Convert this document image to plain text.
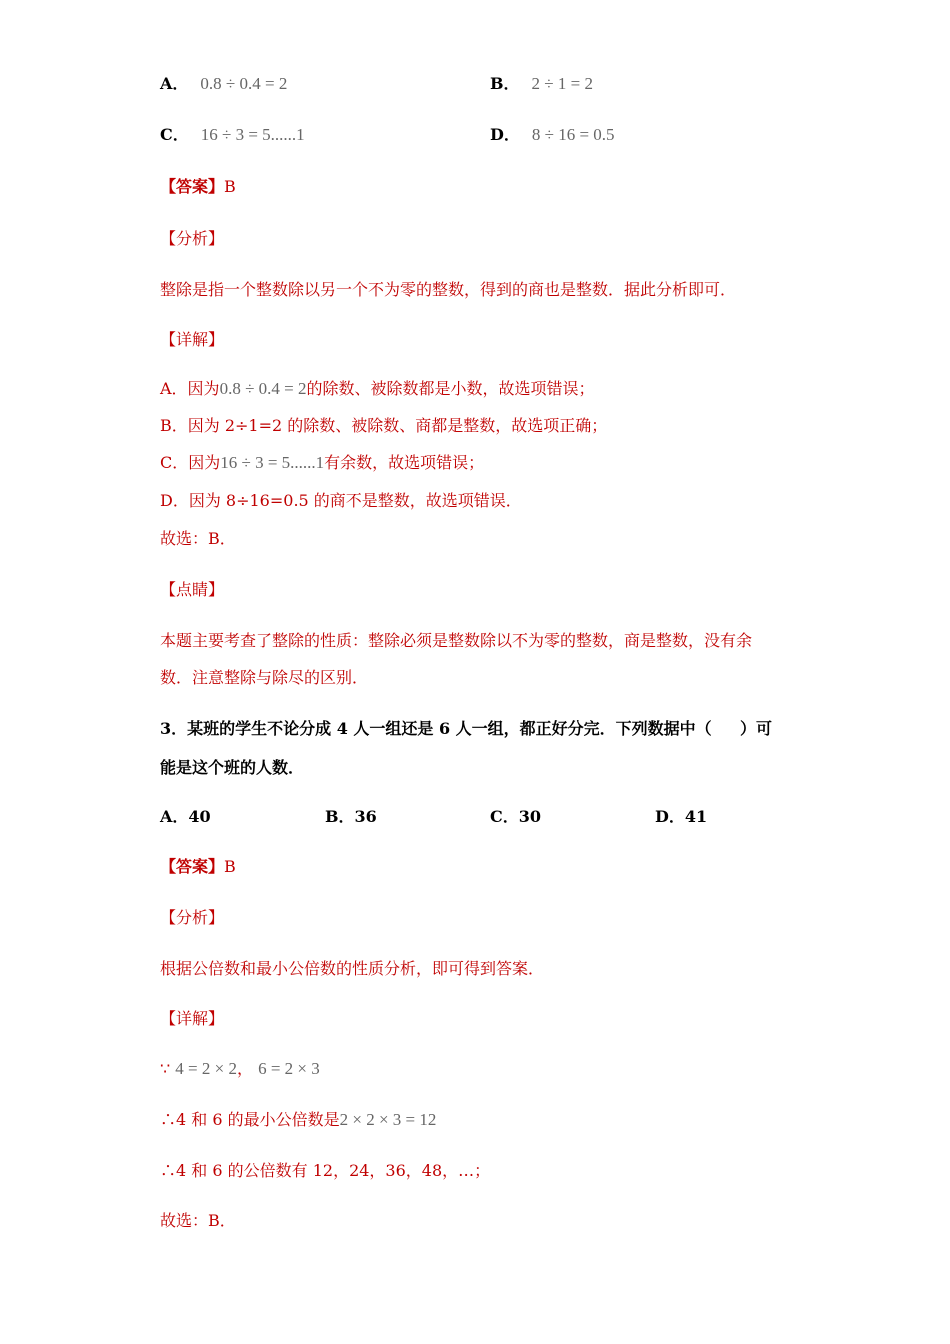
A． 0.8 ÷ 0.4 = 2	B． 2 ÷ 1 = 2
C． 16 ÷ 3 = 5......1	D． 8 ÷ 16 = 0.5
【答案】B
【分析】
整除是指一个整数除以另一个不为零的整数，得到的商也是整数．据此分析即可．
【详解】
A．因为0.8 ÷ 0.4 = 2的除数、被除数都是小数，故选项错误；
B．因为 2÷1=2 的除数、被除数、商都是整数，故选项正确；
C．因为16 ÷ 3 = 5......1有余数，故选项错误；
D．因为 8÷16=0.5 的商不是整数，故选项错误．
故选：B．
【点睛】
本题主要考查了整除的性质：整除必须是整数除以不为零的整数，商是整数，没有余
数．注意整除与除尽的区别．
3．某班的学生不论分成 4 人一组还是 6 人一组，都正好分完．下列数据中（ ）可
能是这个班的人数．
A．40	B．36	C．30	D．41
【答案】B
【分析】
根据公倍数和最小公倍数的性质分析，即可得到答案．
【详解】
∵ 4 = 2 × 2， 6 = 2 × 3
∴4 和 6 的最小公倍数是2 × 2 × 3 = 12
∴4 和 6 的公倍数有 12，24，36，48，…；
故选：B．
